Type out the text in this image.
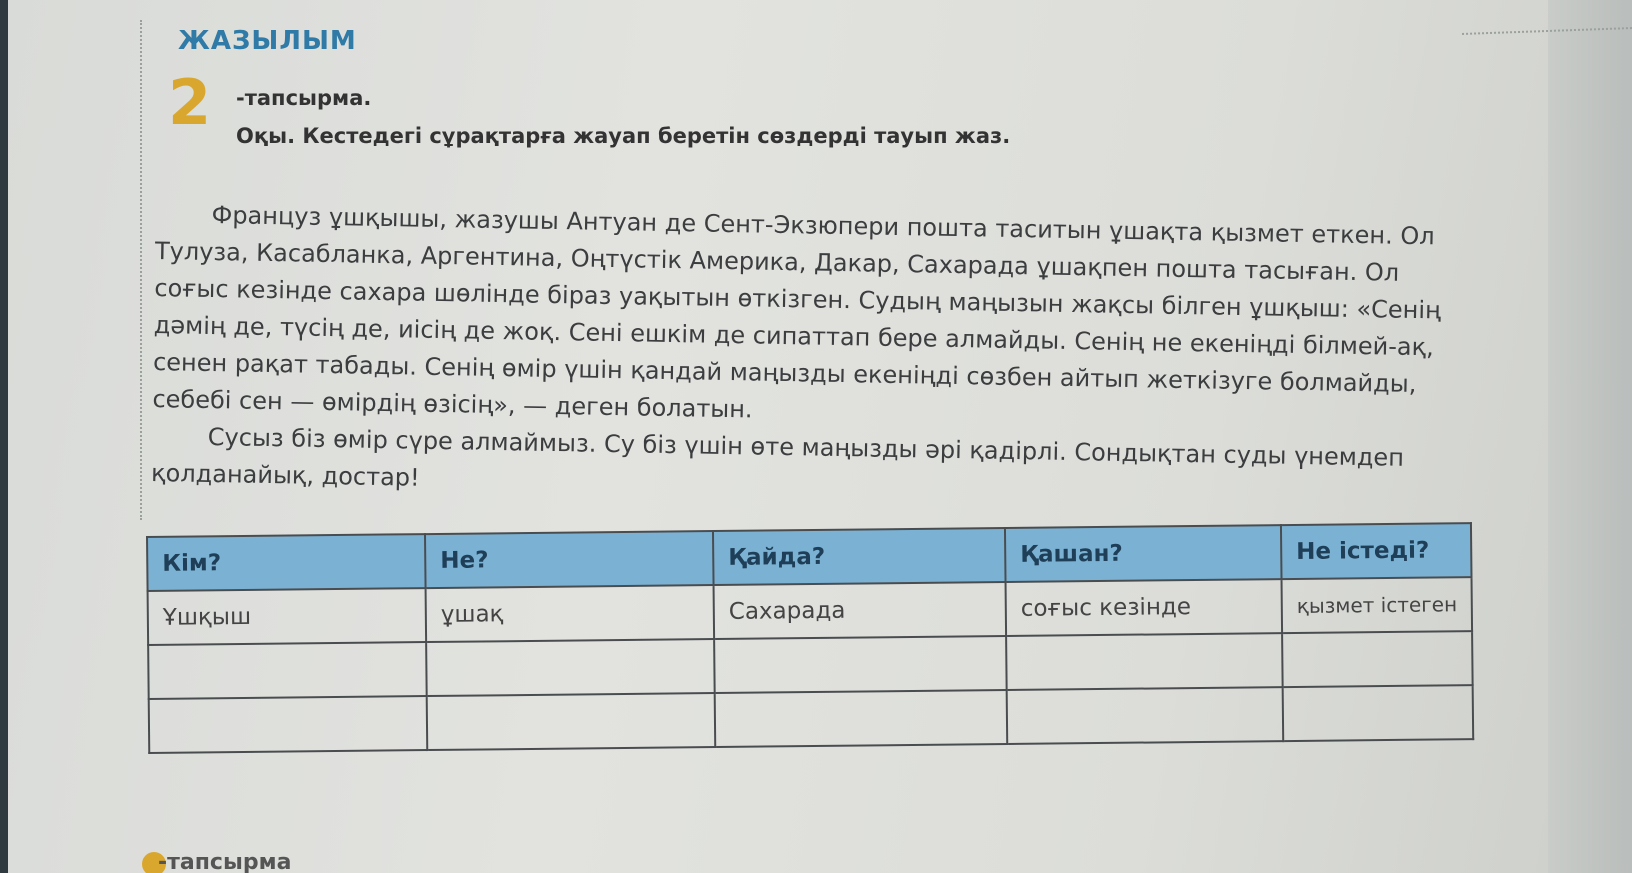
ЖАЗЫЛЫМ
2 -тапсырма.
Оқы. Кестедегі сұрақтарға жауап беретін сөздерді тауып жаз.

Француз ұшқышы, жазушы Антуан де Сент-Экзюпери пошта таситын ұшақта қызмет еткен. Ол Тулуза, Касабланка, Аргентина, Оңтүстік Америка, Дакар, Сахарада ұшақпен пошта тасыған. Ол соғыс кезінде сахара шөлінде біраз уақытын өткізген. Судың маңызын жақсы білген ұшқыш: «Сенің дәмің де, түсің де, иісің де жоқ. Сені ешкім де сипаттап бере алмайды. Сенің не екеніңді білмей-ақ, сенен рақат табады. Сенің өмір үшін қандай маңызды екеніңді сөзбен айтып жеткізуге болмайды, себебі сен — өмірдің өзісің», — деген болатын.

Сусыз біз өмір сүре алмаймыз. Су біз үшін өте маңызды әрі қадірлі. Сондықтан суды үнемдеп қолданайық, достар!

Кім?	Не?	Қайда?	Қашан?	Не істеді?
Ұшқыш	ұшақ	Сахарада	соғыс кезінде	қызмет істеген

-тапсырма
